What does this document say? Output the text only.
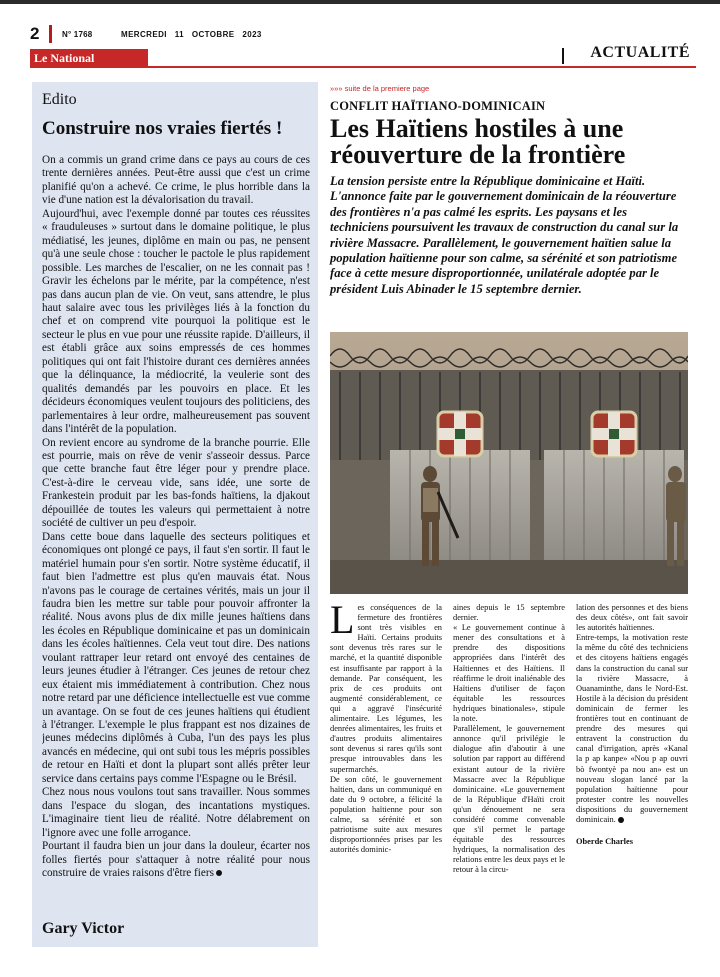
2	N° 1768	MERCREDI   11   OCTOBRE   2023
Le National	ACTUALITÉ
Edito
Construire nos vraies fiertés !

On a commis un grand crime dans ce pays au cours de ces trente dernières années. Peut-être aussi que c'est un crime planifié qu'on a achevé. Ce crime, le plus horrible dans la vie d'une nation est la dévalorisation du travail.

Aujourd'hui, avec l'exemple donné par toutes ces réussites « frauduleuses » surtout dans le domaine politique, le plus médiatisé, les jeunes, diplôme en main ou pas, ne pensent qu'à une seule chose : toucher le pactole le plus rapidement possible. Les marches de l'escalier, on ne les connait pas ! Gravir les échelons par le mérite, par la compétence, n'est pas dans aucun plan de vie. On veut, sans attendre, le plus haut salaire avec tous les privilèges liés à la fonction du chef et on comprend vite pourquoi la politique est le secteur le plus en vue pour une réussite rapide. D'ailleurs, il est établi grâce aux soins empressés de ces hommes politiques qui ont fait l'histoire durant ces dernières années que la délinquance, la médiocrité, la veulerie sont des qualités demandés par les pouvoirs en place. Et les décideurs économiques veulent toujours des politiciens, des parlementaires à leur ordre, malheureusement pas souvent dans l'intérêt de la population.

On revient encore au syndrome de la branche pourrie. Elle est pourrie, mais on rêve de venir s'asseoir dessus. Parce que cette branche faut être léger pour y prendre place. C'est-à-dire le cerveau vide, sans idée, une sorte de Frankestein produit par les bas-fonds haïtiens, la djakout dépouillée de toutes les valeurs qui permettaient à notre société de cultiver un peu d'espoir.

Dans cette boue dans laquelle des secteurs politiques et économiques ont plongé ce pays, il faut s'en sortir. Il faut le matériel humain pour s'en sortir. Notre système éducatif, il faut bien l'admettre est plus qu'en mauvais état. Nous n'avons pas le courage de certaines vérités, mais un jour il faudra bien les mettre sur table pour pouvoir affronter la réalité. Nous avons plus de dix mille jeunes haïtiens dans les écoles en République dominicaine et pas un dominicain dans les écoles haïtiennes. Cela veut tout dire. Des nations voulant rattraper leur retard ont envoyé des centaines de leurs jeunes étudier à l'étranger. Ces jeunes de retour chez eux étaient mis immédiatement à contribution. Chez nous notre retard par une déficience intellectuelle est vue comme un avantage. On se fout de ces jeunes haïtiens qui étudient à l'étranger. L'exemple le plus frappant est nos dizaines de jeunes médecins diplômés à Cuba, l'un des pays les plus avancés en médecine, qui ont subi tous les mépris possibles de retour en Haïti et dont la plupart sont allés prêter leur service dans certains pays comme l'Espagne ou le Brésil.

Chez nous nous voulons tout sans travailler. Nous sommes dans l'espace du slogan, des incantations mystiques. L'imaginaire tient lieu de réalité. Notre délabrement on l'ignore avec une folle arrogance.

Pourtant il faudra bien un jour dans la douleur, écarter nos folles fiertés pour s'attaquer à notre réalité pour nous construire de vraies raisons d'être fiers

Gary Victor
»»» suite de la premiere page
CONFLIT HAÏTIANO-DOMINICAIN
Les Haïtiens hostiles à une réouverture de la frontière
La tension persiste entre la République dominicaine et Haïti. L'annonce faite par le gouvernement dominicain de la réouverture des frontières n'a pas calmé les esprits. Les paysans et les techniciens poursuivent les travaux de construction du canal sur la rivière Massacre. Parallèlement, le gouvernement haïtien salue la population haïtienne pour son calme, sa sérénité et son patriotisme face à cette mesure disproportionnée, unilatérale adoptée par le président Luis Abinader le 15 septembre dernier.

Les conséquences de la fermeture des frontières sont très visibles en Haïti. Certains produits sont devenus très rares sur le marché, et la quantité disponible est insuffisante par rapport à la demande. Par conséquent, les prix de ces produits ont augmenté considérablement, ce qui a aggravé l'insécurité alimentaire. Les légumes, les denrées alimentaires, les fruits et d'autres produits alimentaires sont devenus si rares qu'ils sont presque introuvables dans les supermarchés.

De son côté, le gouvernement haïtien, dans un communiqué en date du 9 octobre, a félicité la population haïtienne pour son calme, sa sérénité et son patriotisme suite aux mesures disproportionnées prises par les autorités dominic-

aines depuis le 15 septembre dernier.

« Le gouvernement continue à mener des consultations et à prendre des dispositions appropriées dans l'intérêt des Haïtiennes et des Haïtiens. Il réaffirme le droit inaliénable des Haïtiens d'utiliser de façon équitable les ressources hydriques binationales», stipule la note.

Parallèlement, le gouvernement annonce qu'il privilégie le dialogue afin d'aboutir à une solution par rapport au différend existant autour de la rivière Massacre avec la République dominicaine. «Le gouvernement de la République d'Haïti croit qu'un dénouement ne sera considéré comme convenable que s'il permet le partage équitable des ressources hydriques, la normalisation des relations entre les deux pays et le retour à la circu-

lation des personnes et des biens des deux côtés», ont fait savoir les autorités haïtiennes.

Entre-temps, la motivation reste la même du côté des techniciens et des citoyens haïtiens engagés dans la construction du canal sur la rivière Massacre, à Ouanaminthe, dans le Nord-Est. Hostile à la décision du président dominicain de fermer les frontières tout en continuant de prendre des mesures qui entravent la construction du canal d'irrigation, après «Kanal la p ap kanpe» «Nou p ap ouvri bò fwontyè pa nou an» est un nouveau slogan lancé par la population haïtienne pour protester contre les nouvelles dispositions du gouvernement dominicain.

Oberde Charles
